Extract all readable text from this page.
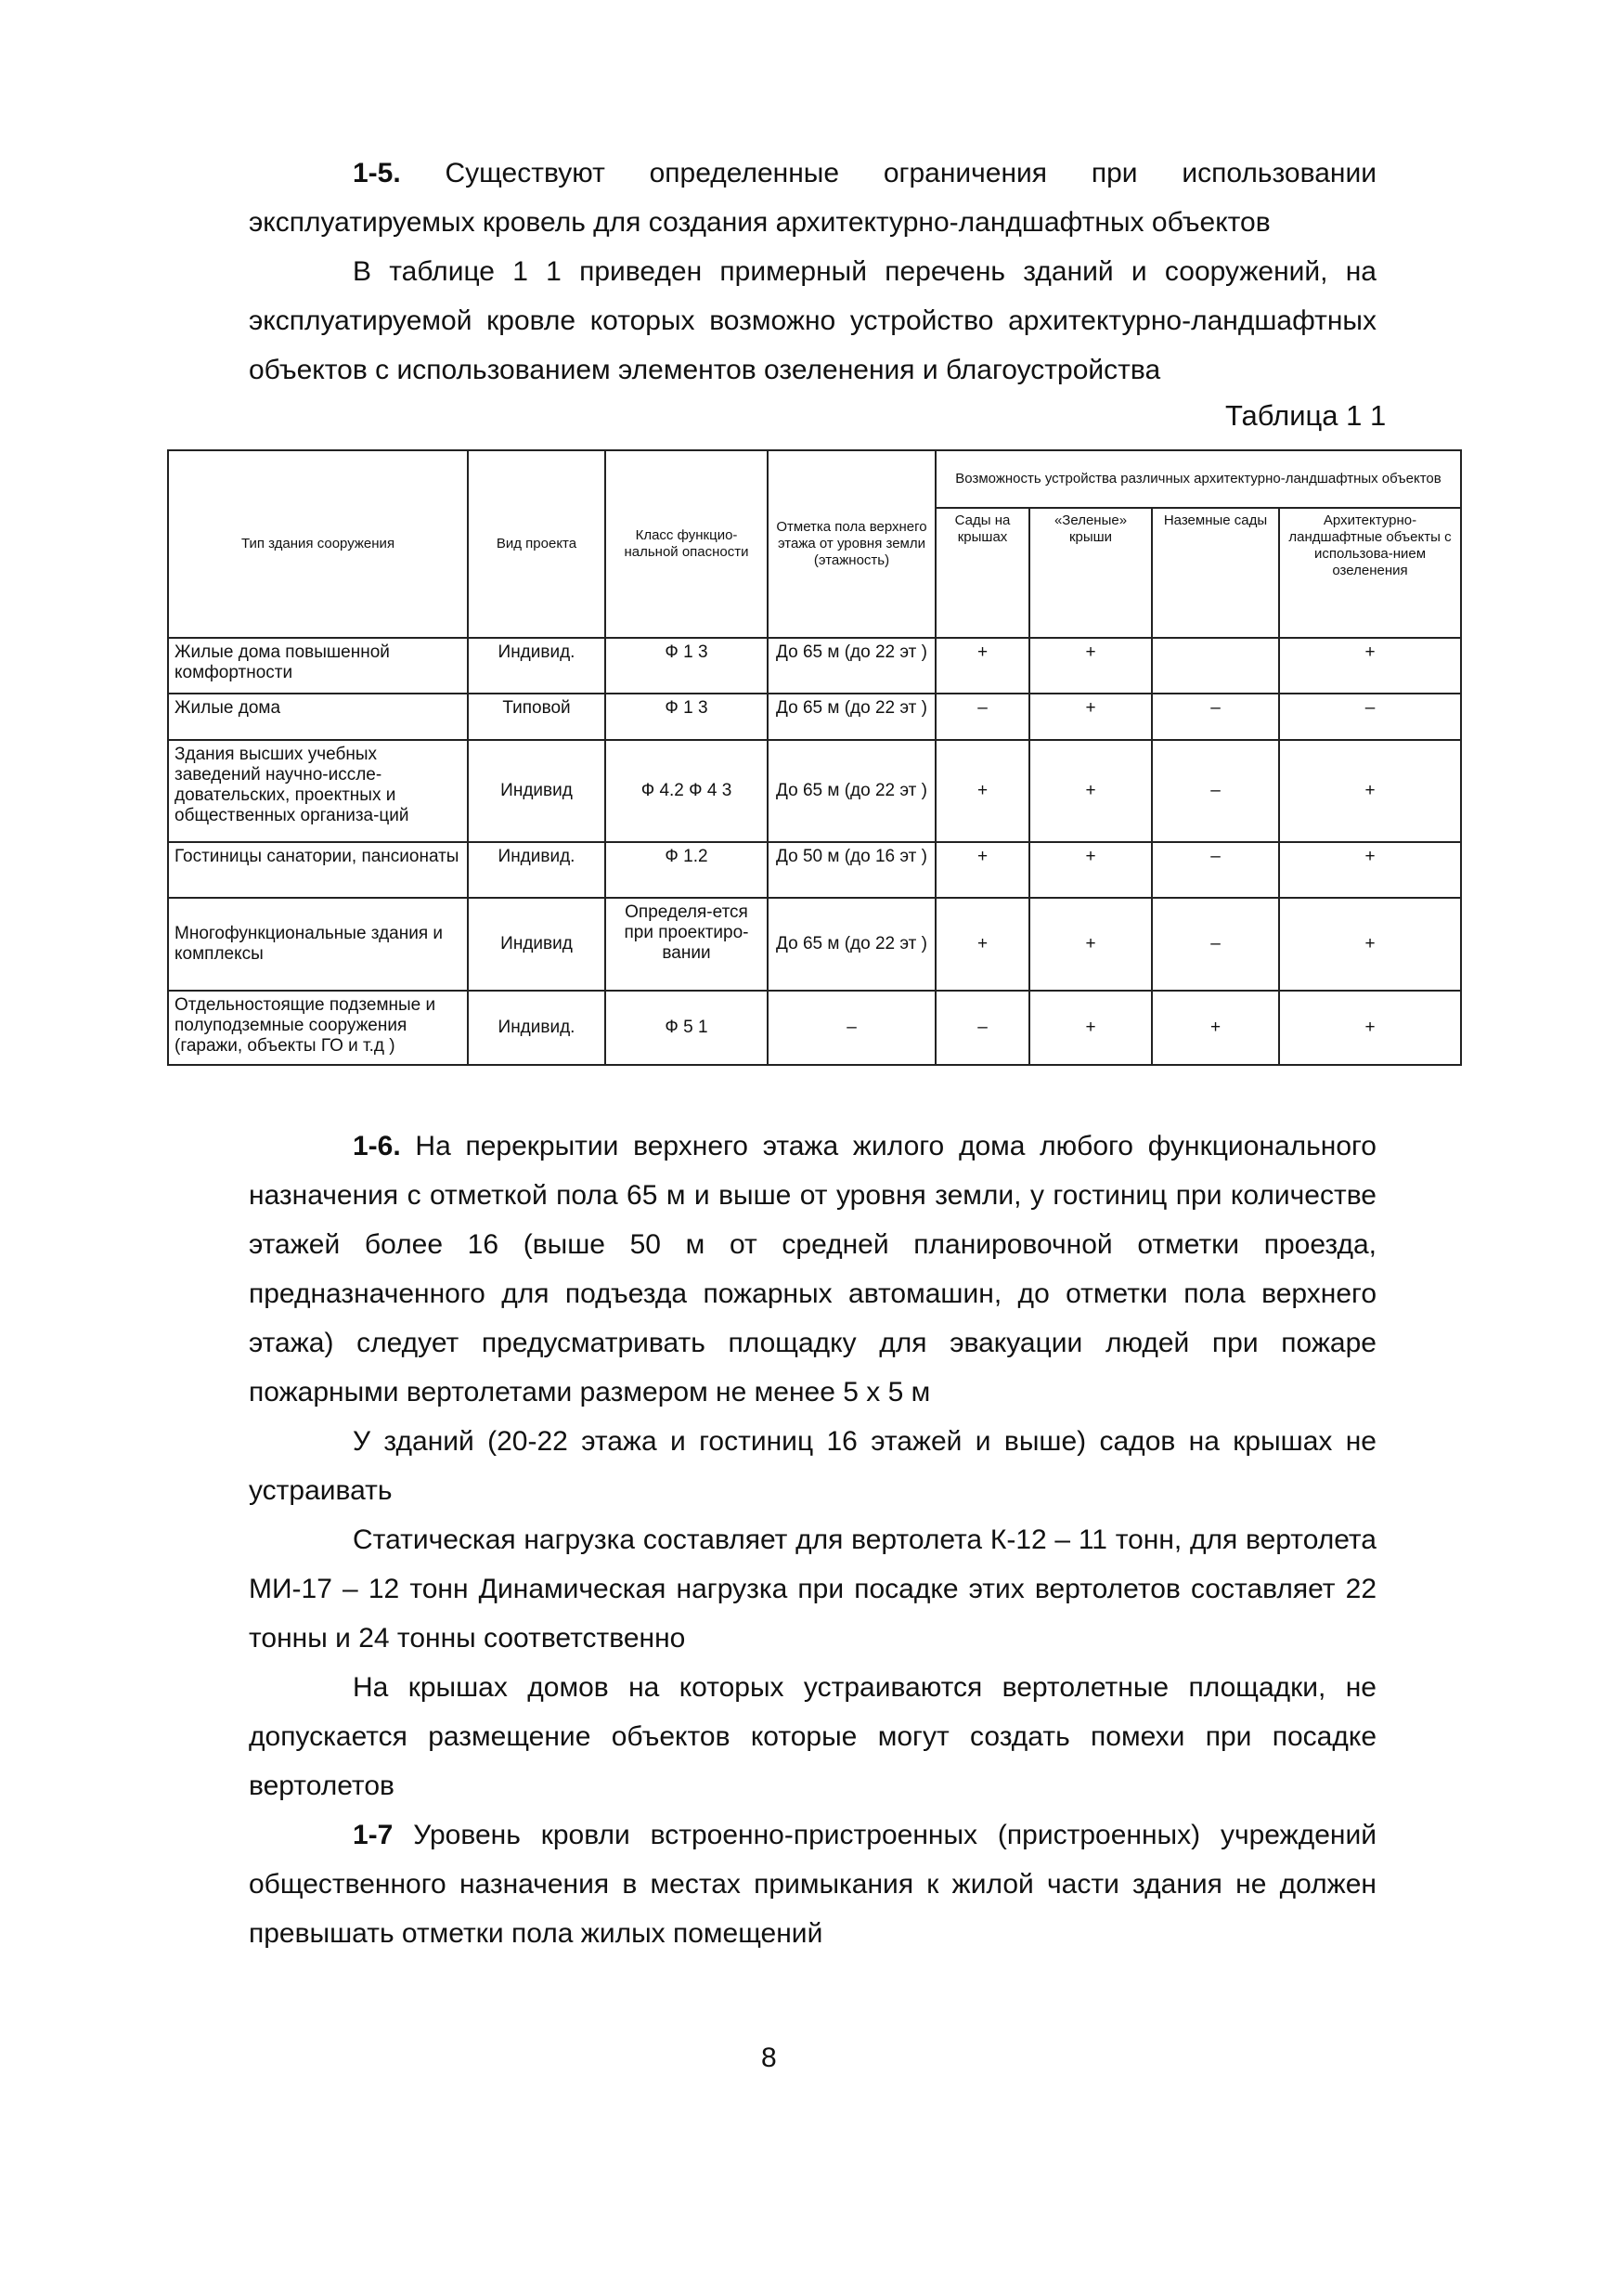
1-5. Существуют определенные ограничения при использовании эксплуатируемых кровель для создания архитектурно-ландшафтных объектов

В таблице 1 1 приведен примерный перечень зданий и сооружений, на эксплуатируемой кровле которых возможно устройство архитектурно-ландшафтных объектов с использованием элементов озеленения и благоустройства

Таблица 1 1
Тип здания сооружения	Вид проекта	Класс функцио-нальной опасности	Отметка пола верхнего этажа от уровня земли (этажность)	Возможность устройства различных архитектурно-ландшафтных объектов			
				Сады на крышах	«Зеленые» крыши	Наземные сады	Архитектурно-ландшафтные объекты с использова-нием озеленения
Жилые дома повышенной комфортности	Индивид.	Ф 1 3	До 65 м (до 22 эт )	+	+		+
Жилые дома	Типовой	Ф 1 3	До 65 м (до 22 эт )	–	+	–	–
Здания высших учебных заведений научно-иссле-довательских, проектных и общественных организа-ций	Индивид	Ф 4.2 Ф 4 3	До 65 м (до 22 эт )	+	+	–	+
Гостиницы санатории, пансионаты	Индивид.	Ф 1.2	До 50 м (до 16 эт )	+	+	–	+
Многофункциональные здания и комплексы	Индивид	Определя-ется при проектиро-вании	До 65 м (до 22 эт )	+	+	–	+
Отдельностоящие подземные и полуподземные сооружения (гаражи, объекты ГО и т.д )	Индивид.	Ф 5 1	–	–	+	+	+

1-6. На перекрытии верхнего этажа жилого дома любого функционального назначения с отметкой пола 65 м и выше от уровня земли, у гостиниц при количестве этажей более 16 (выше 50 м от средней планировочной отметки проезда, предназначенного для подъезда пожарных автомашин, до отметки пола верхнего этажа) следует предусматривать площадку для эвакуации людей при пожаре пожарными вертолетами размером не менее 5 х 5 м

У зданий (20-22 этажа и гостиниц 16 этажей и выше) садов на крышах не устраивать

Статическая нагрузка составляет для вертолета К-12 – 11 тонн, для вертолета МИ-17 – 12 тонн Динамическая нагрузка при посадке этих вертолетов составляет 22 тонны и 24 тонны соответственно

На крышах домов на которых устраиваются вертолетные площадки, не допускается размещение объектов которые могут создать помехи при посадке вертолетов

1-7 Уровень кровли встроенно-пристроенных (пристроенных) учреждений общественного назначения в местах примыкания к жилой части здания не должен превышать отметки пола жилых помещений

8
